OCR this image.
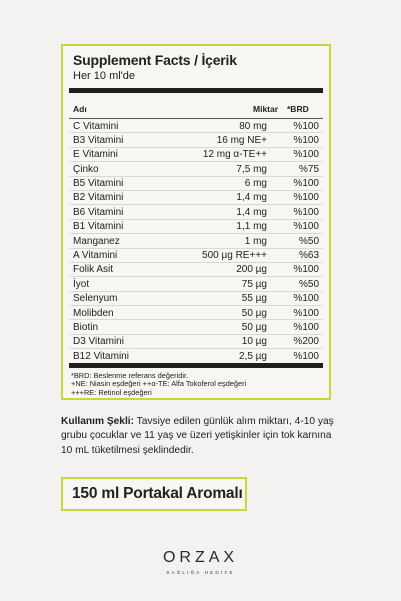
Supplement Facts / İçerik
Her 10 ml'de
Adı	Miktar *BRD
C Vitamini	80 mg	%100
B3 Vitamini	16 mg NE+	%100
E Vitamini	12 mg α-TE++	%100
Çinko	7,5 mg	%75
B5 Vitamini	6 mg	%100
B2 Vitamini	1,4 mg	%100
B6 Vitamini	1,4 mg	%100
B1 Vitamini	1,1 mg	%100
Manganez	1 mg	%50
A Vitamini	500 µg RE+++	%63
Folik Asit	200 µg	%100
İyot	75 µg	%50
Selenyum	55 µg	%100
Molibden	50 µg	%100
Biotin	50 µg	%100
D3 Vitamini	10 µg	%200
B12 Vitamini	2,5 µg	%100
*BRD: Beslenme referans değeridir.
+NE: Niasin eşdeğeri ++α-TE: Alfa Tokoferol eşdeğeri
+++RE: Retinol eşdeğeri
Kullanım Şekli: Tavsiye edilen günlük alım miktarı, 4-10 yaş grubu çocuklar ve 11 yaş ve üzeri yetişkinler için tok karnına 10 mL tüketilmesi şeklindedir.
150 ml Portakal Aromalı
ORZAX
SAĞLIĞA HEDİYE
